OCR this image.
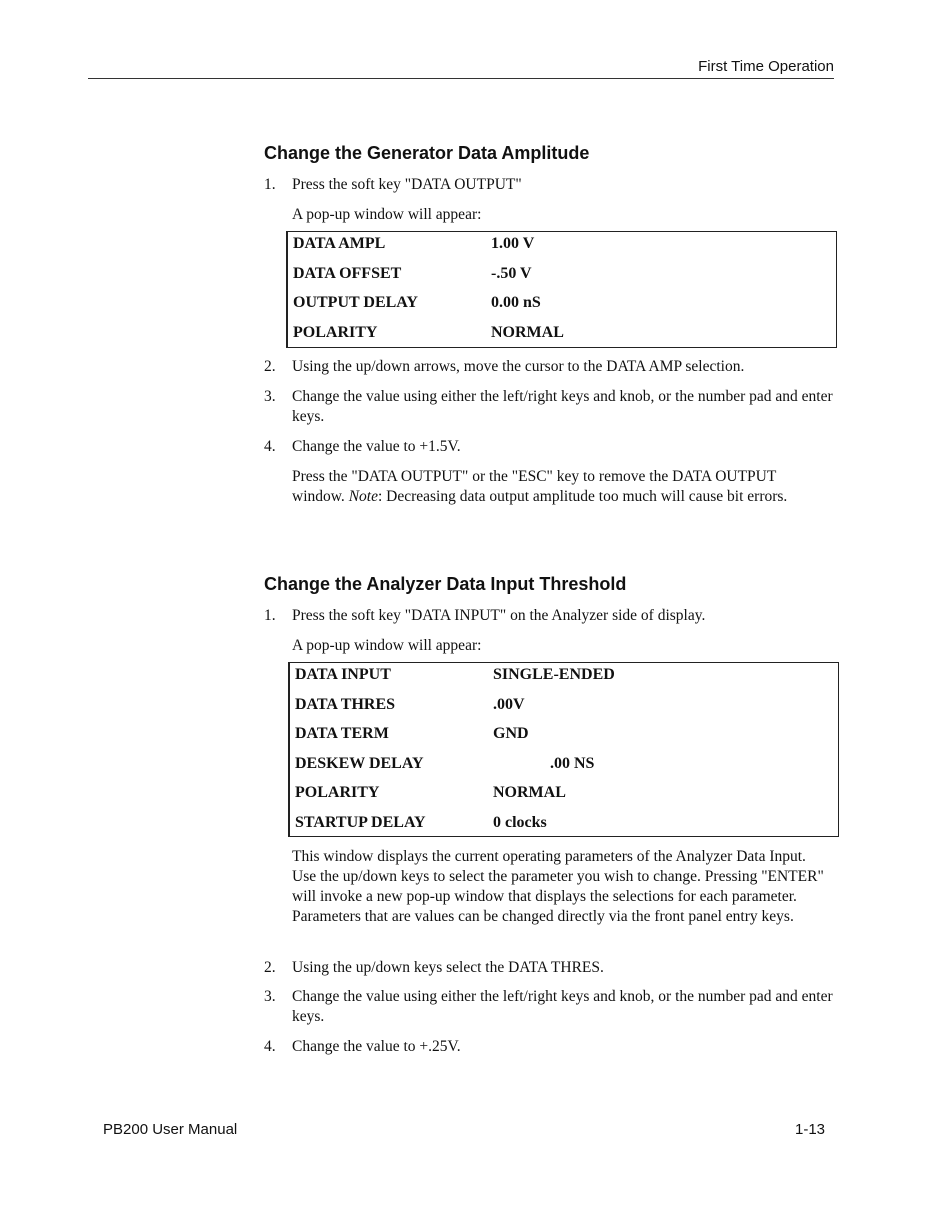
First Time Operation
Change the Generator Data Amplitude
1. Press the soft key "DATA OUTPUT"
A pop-up window will appear:
DATA AMPL	1.00 V
DATA OFFSET	-.50 V
OUTPUT DELAY	0.00 nS
POLARITY	NORMAL
2. Using the up/down arrows, move the cursor to the DATA AMP selection.
3. Change the value using either the left/right keys and knob, or the number pad and enter keys.
4. Change the value to +1.5V.
Press the "DATA OUTPUT" or the "ESC" key to remove the DATA OUTPUT window. Note: Decreasing data output amplitude too much will cause bit errors.
Change the Analyzer Data Input Threshold
1. Press the soft key "DATA INPUT" on the Analyzer side of display.
A pop-up window will appear:
DATA INPUT	SINGLE-ENDED
DATA THRES	.00V
DATA TERM	GND
DESKEW DELAY	.00 NS
POLARITY	NORMAL
STARTUP DELAY	0 clocks
This window displays the current operating parameters of the Analyzer Data Input. Use the up/down keys to select the parameter you wish to change. Pressing "ENTER" will invoke a new pop-up window that displays the selections for each parameter. Parameters that are values can be changed directly via the front panel entry keys.
2. Using the up/down keys select the DATA THRES.
3. Change the value using either the left/right keys and knob, or the number pad and enter keys.
4. Change the value to +.25V.
PB200 User Manual	1-13
